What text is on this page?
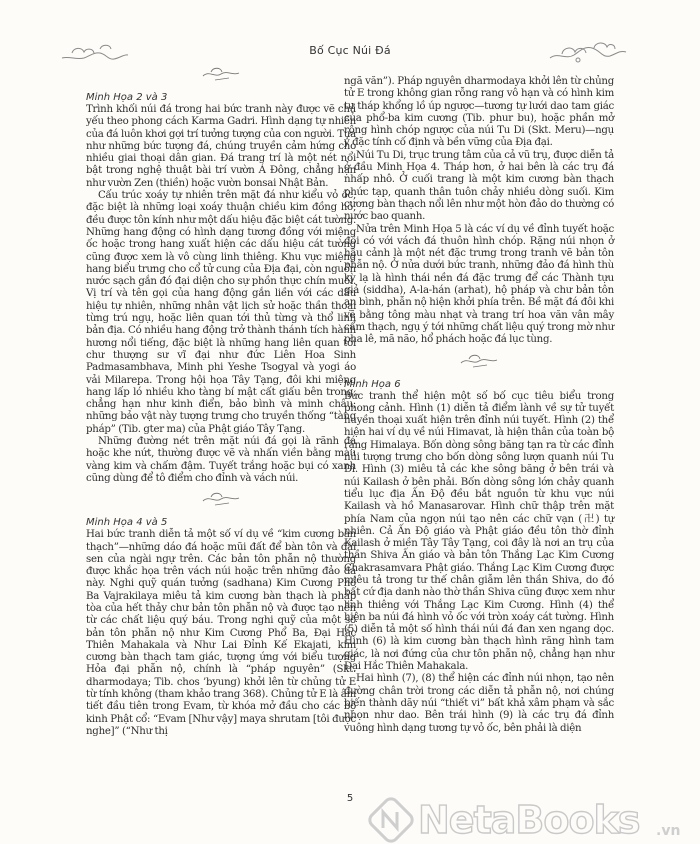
Bố Cục Núi Đá
Minh Họa 2 và 3

Trình khối núi đá trong hai bức tranh này được vẽ chủ yếu theo phong cách Karma Gadri. Hình dạng tự nhiên của đá luôn khơi gợi trí tưởng tượng của con người. Tựa như những bức tượng đá, chúng truyền cảm hứng cho nhiều giai thoại dân gian. Đá trang trí là một nét nổi bật trong nghệ thuật bài trí vườn Á Đông, chẳng hạn như vườn Zen (thiền) hoặc vườn bonsai Nhật Bản.

Cấu trúc xoáy tự nhiên trên mặt đá như kiểu vỏ ốc, đặc biệt là những loại xoáy thuận chiều kim đồng hồ, đều được tôn kính như một dấu hiệu đặc biệt cát tường. Những hang động có hình dạng tương đồng với miệng ốc hoặc trong hang xuất hiện các dấu hiệu cát tường cũng được xem là vô cùng linh thiêng. Khu vực miệng hang biểu trưng cho cổ tử cung của Địa đại, còn nguồn nước sạch gắn đó đại diện cho sự phồn thực chín muồi. Vị trí và tên gọi của hang động gắn liền với các dấu hiệu tự nhiên, những nhân vật lịch sử hoặc thần thoại từng trú ngụ, hoặc liên quan tới thủ từng và thổ linh bản địa. Có nhiều hang động trở thành thánh tích hành hương nổi tiếng, đặc biệt là những hang liên quan tới chư thượng sư vĩ đại như đức Liên Hoa Sinh Padmasambhava, Minh phi Yeshe Tsogyal và yogi áo vải Milarepa. Trong hội họa Tây Tạng, đôi khi miệng hang lấp ló nhiều kho tàng bí mật cất giấu bên trong, chẳng hạn như kinh điển, bảo bình và minh châu; những bảo vật này tượng trưng cho truyền thống “tàng pháp” (Tib. gter ma) của Phật giáo Tây Tạng.

Những đường nét trên mặt núi đá gọi là rãnh đá hoặc khe nứt, thường được vẽ và nhấn viền bằng màu vàng kim và chấm đậm. Tuyết trắng hoặc bụi có xanh cũng dùng để tô điểm cho đỉnh và vách núi.

Minh Họa 4 và 5

Hai bức tranh diễn tả một số ví dụ về “kim cương bàn thạch”—những dáo đá hoặc mũi đất để bàn tôn và đài sen của ngài ngự trên. Các bản tôn phẫn nộ thường được khắc họa trên vách núi hoặc trên những đảo đá này. Nghi quỹ quán tưởng (sadhana) Kim Cương Phổ Ba Vajrakilaya miêu tả kim cương bàn thạch là pháp tòa của hết thảy chư bản tôn phẫn nộ và được tạo nên từ các chất liệu quý báu. Trong nghi quỹ của một số bản tôn phẫn nộ như Kim Cương Phổ Ba, Đại Hắc Thiên Mahakala và Như Lai Đỉnh Kế Ekajati, kim cương bàn thạch tam giác, tượng ứng với biểu tượng Hỏa đại phẫn nộ, chính là “pháp nguyên” (Skt. dharmodaya; Tib. chos ’byung) khởi lên từ chủng tử E từ tính không (tham khảo trang 368). Chủng tử E là âm tiết đầu tiên trong Evam, từ khóa mở đầu cho các bộ kinh Phật cổ: “Evam [Như vậy] maya shrutam [tôi được nghe]” (“Như thị

ngã văn”). Pháp nguyên dharmodaya khởi lên từ chủng tử E trong không gian rỗng rang vô hạn và có hình kim tự tháp khổng lồ úp ngược—tương tự lưới dao tam giác của phổ-ba kim cương (Tib. phur bu), hoặc phần mở rộng hình chóp ngược của núi Tu Di (Skt. Meru)—ngụ ý đặc tính cố định và bền vững của Địa đại.

Núi Tu Di, trục trung tâm của cả vũ trụ, được diễn tả ở đầu Minh Họa 4. Tháp hơn, ở hai bên là các trụ đá nhấp nhô. Ở cuối trang là một kim cương bàn thạch phức tạp, quanh thân tuôn chảy nhiều dòng suối. Kim cương bàn thạch nổi lên như một hòn đảo do thường có nước bao quanh.

Nửa trên Minh Họa 5 là các ví dụ về đỉnh tuyết hoặc đồi có với vách đá thuôn hình chóp. Rặng núi nhọn ở hậu cảnh là một nét đặc trưng trong tranh vẽ bản tôn phẫn nộ. Ở nửa dưới bức tranh, những đảo đá hình thù kỳ lạ là hình thái nền đá đặc trưng để các Thành tựu giả (siddha), A-la-hán (arhat), hộ pháp và chư bản tôn an bình, phẫn nộ hiện khởi phía trên. Bề mặt đá đôi khi vẽ bằng tông màu nhạt và trang trí hoa văn vân mây cẩm thạch, ngụ ý tới những chất liệu quý trong mờ như pha lê, mã não, hổ phách hoặc đá lục tùng.

Minh Họa 6

Bức tranh thể hiện một số bố cục tiêu biểu trong phong cảnh. Hình (1) diễn tả điểm lành về sự tử tuyết huyền thoại xuất hiện trên đỉnh núi tuyết. Hình (2) thể hiện hai ví dụ về núi Himavat, là hiện thân của toàn bộ rặng Himalaya. Bốn dòng sông băng tạn ra từ các đỉnh núi tượng trưng cho bốn dòng sông lượn quanh núi Tu Di. Hình (3) miêu tả các khe sông băng ở bên trái và núi Kailash ở bên phải. Bốn dòng sông lớn chảy quanh tiểu lục địa Ấn Độ đều bắt nguồn từ khu vực núi Kailash và hồ Manasarovar. Hình chữ thập trên mặt phía Nam của ngọn núi tạo nên các chữ vạn (卍) tự nhiên. Cả Ấn Độ giáo và Phật giáo đều tôn thờ đỉnh Kailash ở miền Tây Tây Tạng, coi đây là nơi an trụ của thần Shiva Ấn giáo và bản tôn Thắng Lạc Kim Cương Chakrasamvara Phật giáo. Thắng Lạc Kim Cương được miêu tả trong tư thế chân giẫm lên thần Shiva, do đó bất cứ địa danh nào thờ thần Shiva cũng được xem như linh thiêng với Thắng Lạc Kim Cương. Hình (4) thể hiện ba núi đá hình vỏ ốc với tròn xoáy cát tường. Hình (5) diễn tả một số hình thái núi đá đan xen ngang dọc. Hình (6) là kim cương bàn thạch hình răng hình tam giác, là nơi đứng của chư tôn phẫn nộ, chẳng hạn như Đại Hắc Thiên Mahakala.

Hai hình (7), (8) thể hiện các đỉnh núi nhọn, tạo nên đường chân trời trong các diễn tả phẫn nộ, nơi chúng biến thành dãy núi “thiết vi” bất khả xâm phạm và sắc nhọn như dao. Bên trái hình (9) là các trụ đá đỉnh vuông hình dạng tương tự vỏ ốc, bên phải là diện

5	NetaBooks .vn
